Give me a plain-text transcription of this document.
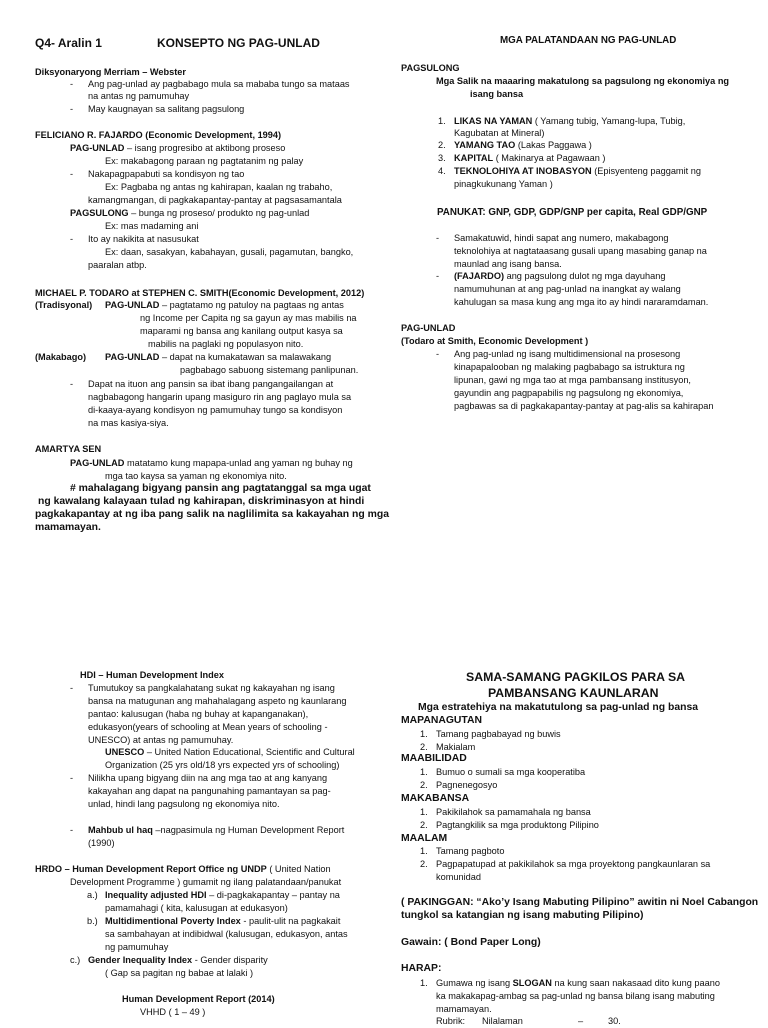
Q4- Aralin 1	KONSEPTO NG PAG-UNLAD	MGA PALATANDAAN NG PAG-UNLAD
Diksyonaryong Merriam – Webster
- Ang pag-unlad ay pagbabago mula sa mababa tungo sa mataas
na antas ng pamumuhay
- May kaugnayan sa salitang pagsulong
FELICIANO R. FAJARDO (Economic Development, 1994)
PAG-UNLAD – isang progresibo at aktibong proseso
Ex: makabagong paraan ng pagtatanim ng palay
- Nakapagpapabuti sa kondisyon ng tao
Ex: Pagbaba ng antas ng kahirapan, kaalan ng trabaho,
kamangmangan, di pagkakapantay-pantay at pagsasamantala
PAGSULONG – bunga ng proseso/ produkto ng pag-unlad
Ex: mas madaming ani
- Ito ay nakikita at nasusukat
Ex: daan, sasakyan, kabahayan, gusali, pagamutan, bangko,
paaralan atbp.
MICHAEL P. TODARO at STEPHEN C. SMITH(Economic Development, 2012)
(Tradisyonal) PAG-UNLAD – pagtatamo ng patuloy na pagtaas ng antas
ng Income per Capita ng sa gayun ay mas mabilis na
maparami ng bansa ang kanilang output kasya sa
mabilis na paglaki ng populasyon nito.
(Makabago) PAG-UNLAD – dapat na kumakatawan sa malawakang
pagbabago sabuong sistemang panlipunan.
- Dapat na ituon ang pansin sa ibat ibang pangangailangan at
nagbabagong hangarin upang masiguro rin ang paglayo mula sa
di-kaaya-ayang kondisyon ng pamumuhay tungo sa kondisyon
na mas kasiya-siya.
AMARTYA SEN
PAG-UNLAD matatamo kung mapapa-unlad ang yaman ng buhay ng
mga tao kaysa sa yaman ng ekonomiya nito.
# mahalagang bigyang pansin ang pagtatanggal sa mga ugat
ng kawalang kalayaan tulad ng kahirapan, diskriminasyon at hindi
pagkakapantay at ng iba pang salik na naglilimita sa kakayahan ng mga
mamamayan.
PAGSULONG
Mga Salik na maaaring makatulong sa pagsulong ng ekonomiya ng
isang bansa
1. LIKAS NA YAMAN ( Yamang tubig, Yamang-lupa, Tubig,
Kagubatan at Mineral)
2. YAMANG TAO (Lakas Paggawa )
3. KAPITAL ( Makinarya at Pagawaan )
4. TEKNOLOHIYA AT INOBASYON (Episyenteng paggamit ng
pinagkukunang Yaman )
PANUKAT: GNP, GDP, GDP/GNP per capita, Real GDP/GNP
- Samakatuwid, hindi sapat ang numero, makabagong
teknolohiya at nagtataasang gusali upang masabing ganap na
maunlad ang isang bansa.
- (FAJARDO) ang pagsulong dulot ng mga dayuhang
namumuhunan at ang pag-unlad na inangkat ay walang
kahulugan sa masa kung ang mga ito ay hindi nararamdaman.
PAG-UNLAD
(Todaro at Smith, Economic Development )
- Ang pag-unlad ng isang multidimensional na prosesong
kinapapalooban ng malaking pagbabago sa istruktura ng
lipunan, gawi ng mga tao at mga pambansang institusyon,
gayundin ang pagpapabilis ng pagsulong ng ekonomiya,
pagbawas sa di pagkakapantay-pantay at pag-alis sa kahirapan
HDI – Human Development Index
- Tumutukoy sa pangkalahatang sukat ng kakayahan ng isang
bansa na matugunan ang mahahalagang aspeto ng kaunlarang
pantao: kalusugan (haba ng buhay at kapanganakan),
edukasyon(years of schooling at Mean years of schooling -
UNESCO) at antas ng pamumuhay.
UNESCO – United Nation Educational, Scientific and Cultural
Organization (25 yrs old/18 yrs expected yrs of schooling)
- Nilikha upang bigyang diin na ang mga tao at ang kanyang
kakayahan ang dapat na pangunahing pamantayan sa pag-
unlad, hindi lang pagsulong ng ekonomiya nito.
- Mahbub ul haq –nagpasimula ng Human Development Report
(1990)
HRDO – Human Development Report Office ng UNDP ( United Nation
Development Programme ) gumamit ng ilang palatandaan/panukat
a.) Inequality adjusted HDI – di-pagkakapantay – pantay na
pamamahagi ( kita, kalusugan at edukasyon)
b.) Multidimentional Poverty Index - paulit-ulit na pagkakait
sa sambahayan at indibidwal (kalusugan, edukasyon, antas
ng pamumuhay
c.) Gender Inequality Index - Gender disparity
( Gap sa pagitan ng babae at lalaki )
Human Development Report (2014)
VHHD ( 1 – 49 )
SAMA-SAMANG PAGKILOS PARA SA
PAMBANSANG KAUNLARAN
Mga estratehiya na makatutulong sa pag-unlad ng bansa
MAPANAGUTAN
1. Tamang pagbabayad ng buwis
2. Makialam
MAABILIDAD
1. Bumuo o sumali sa mga kooperatiba
2. Pagnenegosyo
MAKABANSA
1. Pakikilahok sa pamamahala ng bansa
2. Pagtangkilik sa mga produktong Pilipino
MAALAM
1. Tamang pagboto
2. Pagpapatupad at pakikilahok sa mga proyektong pangkaunlaran sa
komunidad
( PAKINGGAN: “Ako’y Isang Mabuting Pilipino” awitin ni Noel Cabangon
tungkol sa katangian ng isang mabuting Pilipino)
Gawain: ( Bond Paper Long)
HARAP:
1. Gumawa ng isang SLOGAN na kung saan nakasaad dito kung paano
ka makakapag-ambag sa pag-unlad ng bansa bilang isang mabuting
mamamayan.
Rubrik: Nilalaman	–	30.
